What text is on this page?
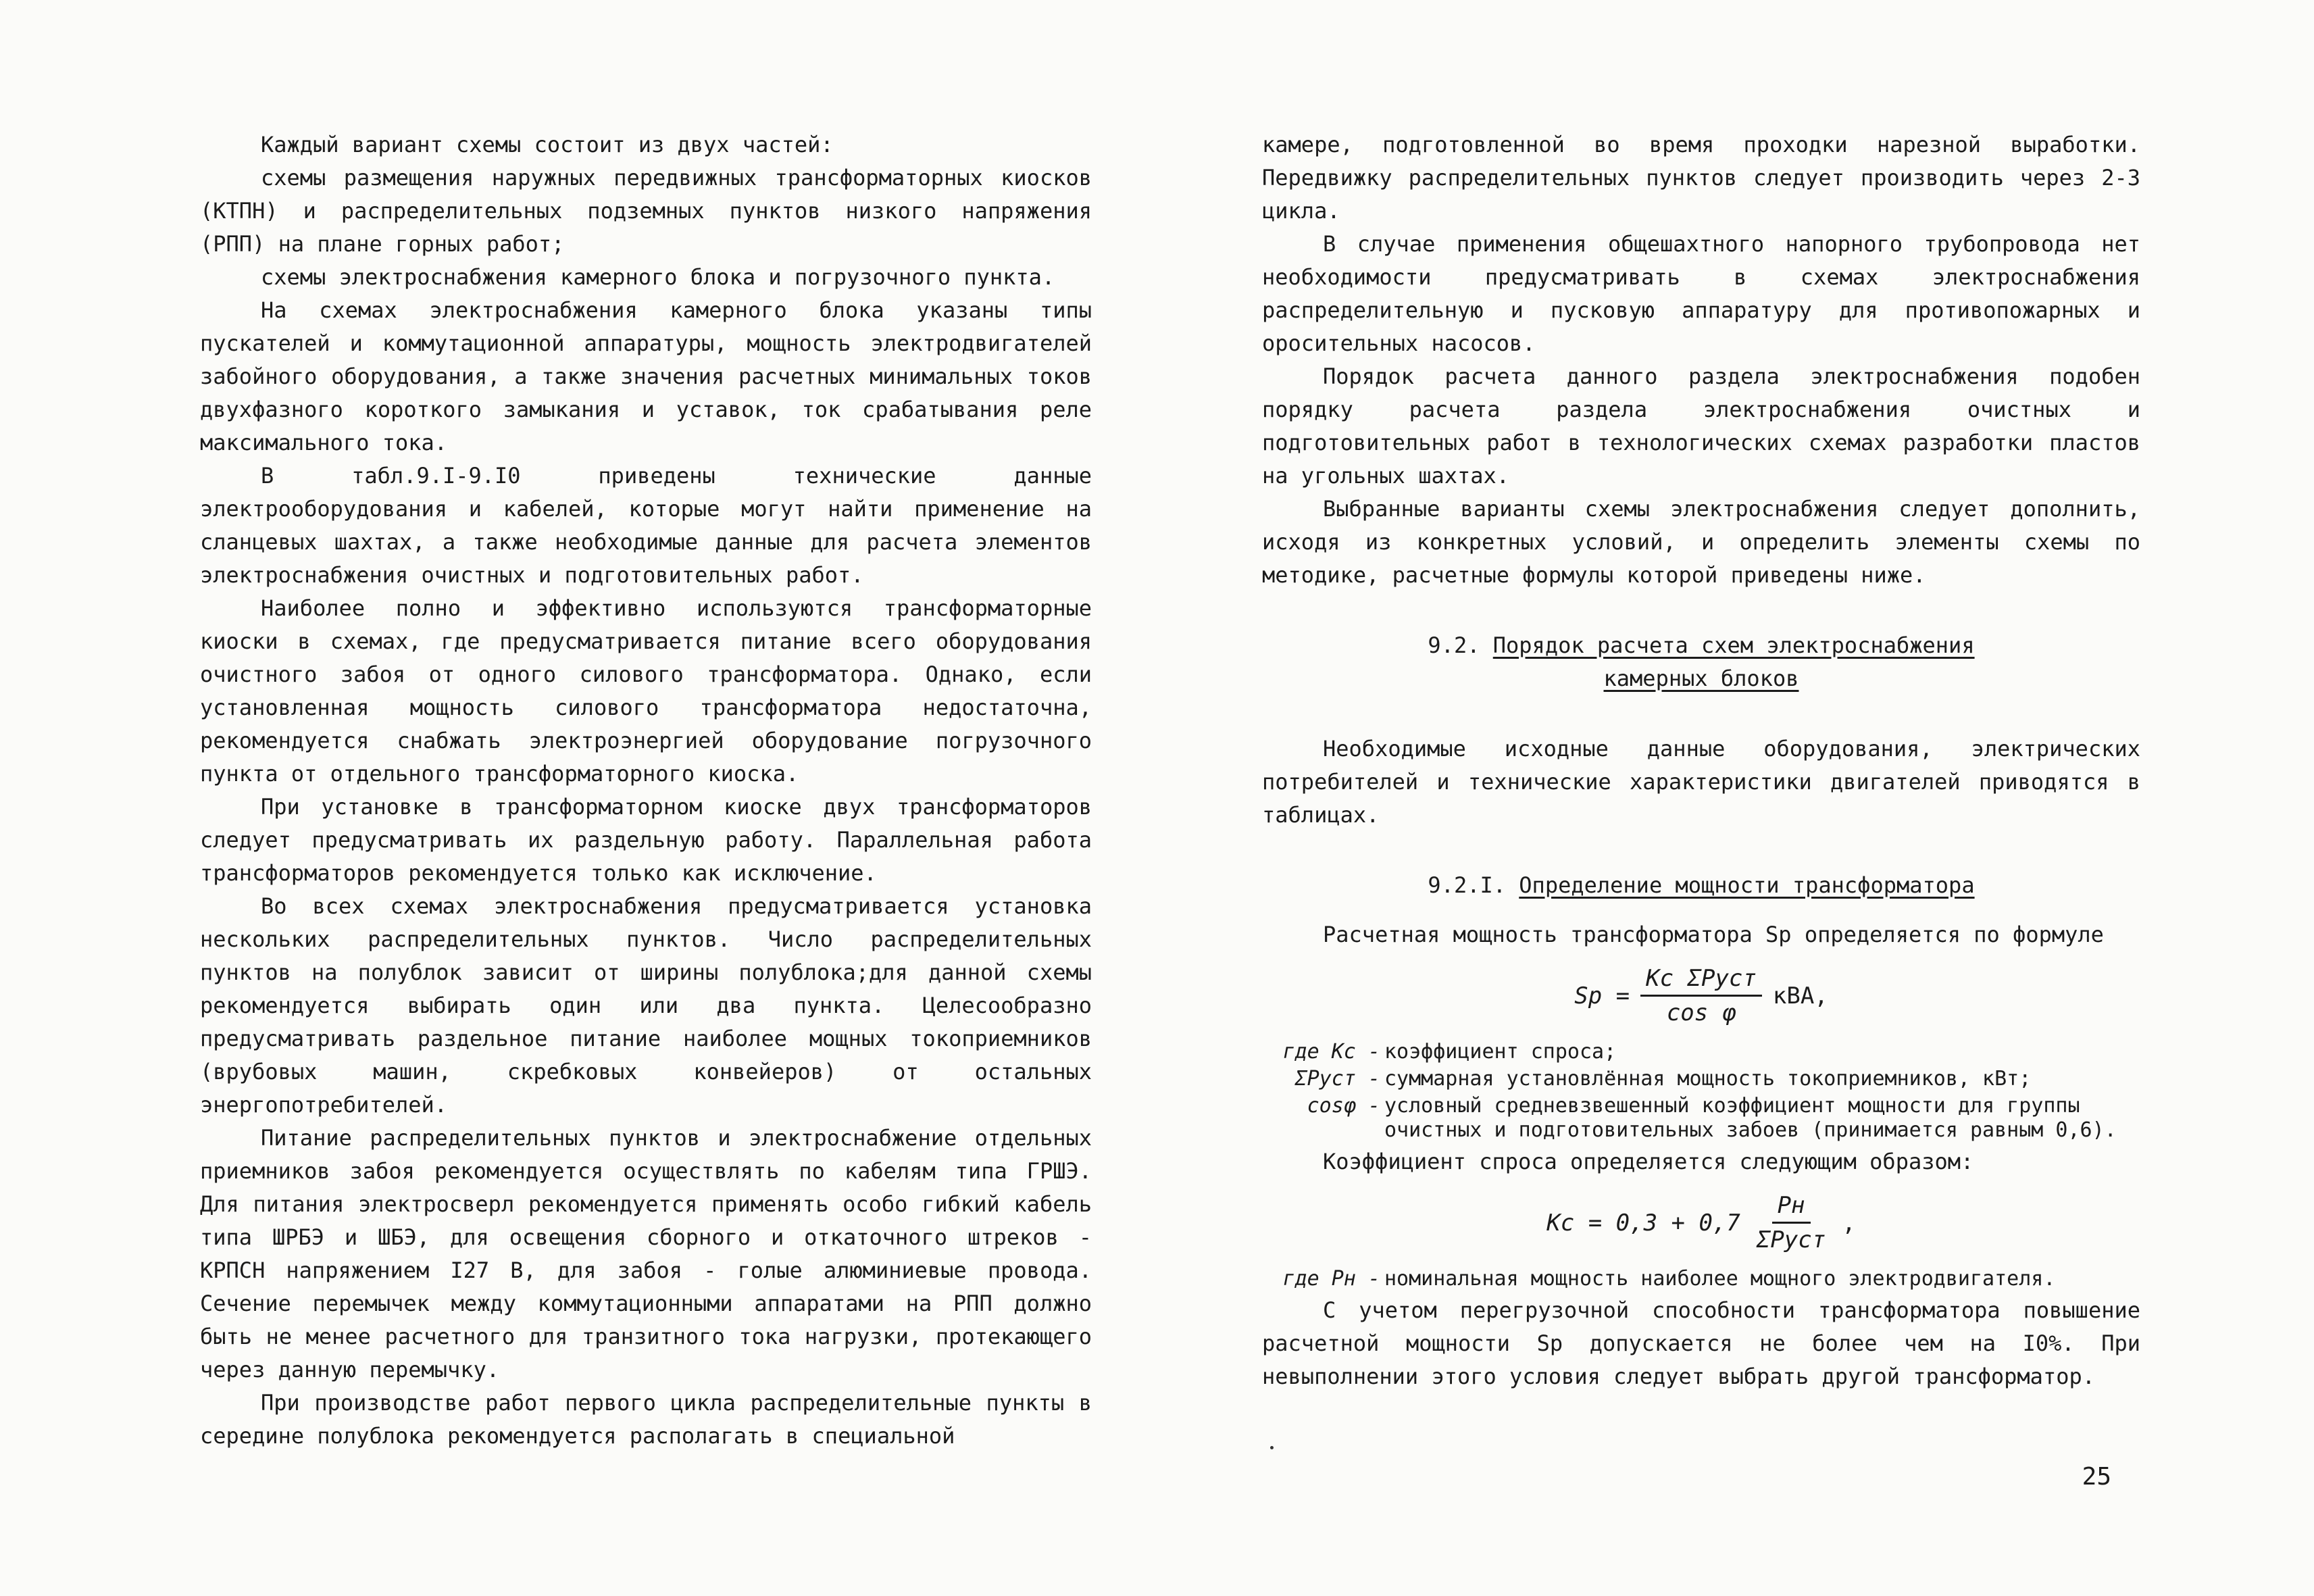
Каждый вариант схемы состоит из двух частей:

схемы размещения наружных передвижных трансформаторных киосков (КТПН) и распределительных подземных пунктов низкого напряжения (РПП) на плане горных работ;

схемы электроснабжения камерного блока и погрузочного пункта.

На схемах электроснабжения камерного блока указаны типы пускателей и коммутационной аппаратуры, мощность электродвигателей забойного оборудования, а также значения расчетных минимальных токов двухфазного короткого замыкания и уставок, ток срабатывания реле максимального тока.

В табл.9.I-9.I0 приведены технические данные электрооборудования и кабелей, которые могут найти применение на сланцевых шахтах, а также необходимые данные для расчета элементов электроснабжения очистных и подготовительных работ.

Наиболее полно и эффективно используются трансформаторные киоски в схемах, где предусматривается питание всего оборудования очистного забоя от одного силового трансформатора. Однако, если установленная мощность силового трансформатора недостаточна, рекомендуется снабжать электроэнергией оборудование погрузочного пункта от отдельного трансформаторного киоска.

При установке в трансформаторном киоске двух трансформаторов следует предусматривать их раздельную работу. Параллельная работа трансформаторов рекомендуется только как исключение.

Во всех схемах электроснабжения предусматривается установка нескольких распределительных пунктов. Число распределительных пунктов на полублок зависит от ширины полублока;для данной схемы рекомендуется выбирать один или два пункта. Целесообразно предусматривать раздельное питание наиболее мощных токоприемников (врубовых машин, скребковых конвейеров) от остальных энергопотребителей.

Питание распределительных пунктов и электроснабжение отдельных приемников забоя рекомендуется осуществлять по кабелям типа ГРШЭ. Для питания электросверл рекомендуется применять особо гибкий кабель типа ШРБЭ и ШБЭ, для освещения сборного и откаточного штреков - КРПСН напряжением I27 В, для забоя - голые алюминиевые провода. Сечение перемычек между коммутационными аппаратами на РПП должно быть не менее расчетного для транзитного тока нагрузки, протекающего через данную перемычку.

При производстве работ первого цикла распределительные пункты в середине полублока рекомендуется располагать в специальной

камере, подготовленной во время проходки нарезной выработки. Передвижку распределительных пунктов следует производить через 2-3 цикла.

В случае применения общешахтного напорного трубопровода нет необходимости предусматривать в схемах электроснабжения распределительную и пусковую аппаратуру для противопожарных и оросительных насосов.

Порядок расчета данного раздела электроснабжения подобен порядку расчета раздела электроснабжения очистных и подготовительных работ в технологических схемах разработки пластов на угольных шахтах.

Выбранные варианты схемы электроснабжения следует дополнить, исходя из конкретных условий, и определить элементы схемы по методике, расчетные формулы которой приведены ниже.

9.2. Порядок расчета схем электроснабжения
камерных блоков

Необходимые исходные данные оборудования, электрических потребителей и технические характеристики двигателей приводятся в таблицах.

9.2.I. Определение мощности трансформатора

Расчетная мощность трансформатора Sp определяется по формуле

$Sp = \frac{\text{Kc ΣPуст}}{\text{cos φ}}$ кВА,
где Kc - коэффициент спроса;
ΣPуст - суммарная установлённая мощность токоприемников, кВт;
cosφ - условный средневзвешенный коэффициент мощности для группы очистных и подготовительных забоев (принимается равным 0,6).

Коэффициент спроса определяется следующим образом:

$Kc = 0,3 + 0,7 \frac{Pн}{\text{ΣPуст}}$ ,
где Pн - номинальная мощность наиболее мощного электродвигателя.

С учетом перегрузочной способности трансформатора повышение расчетной мощности Sp допускается не более чем на I0%. При невыполнении этого условия следует выбрать другой трансформатор.

25
